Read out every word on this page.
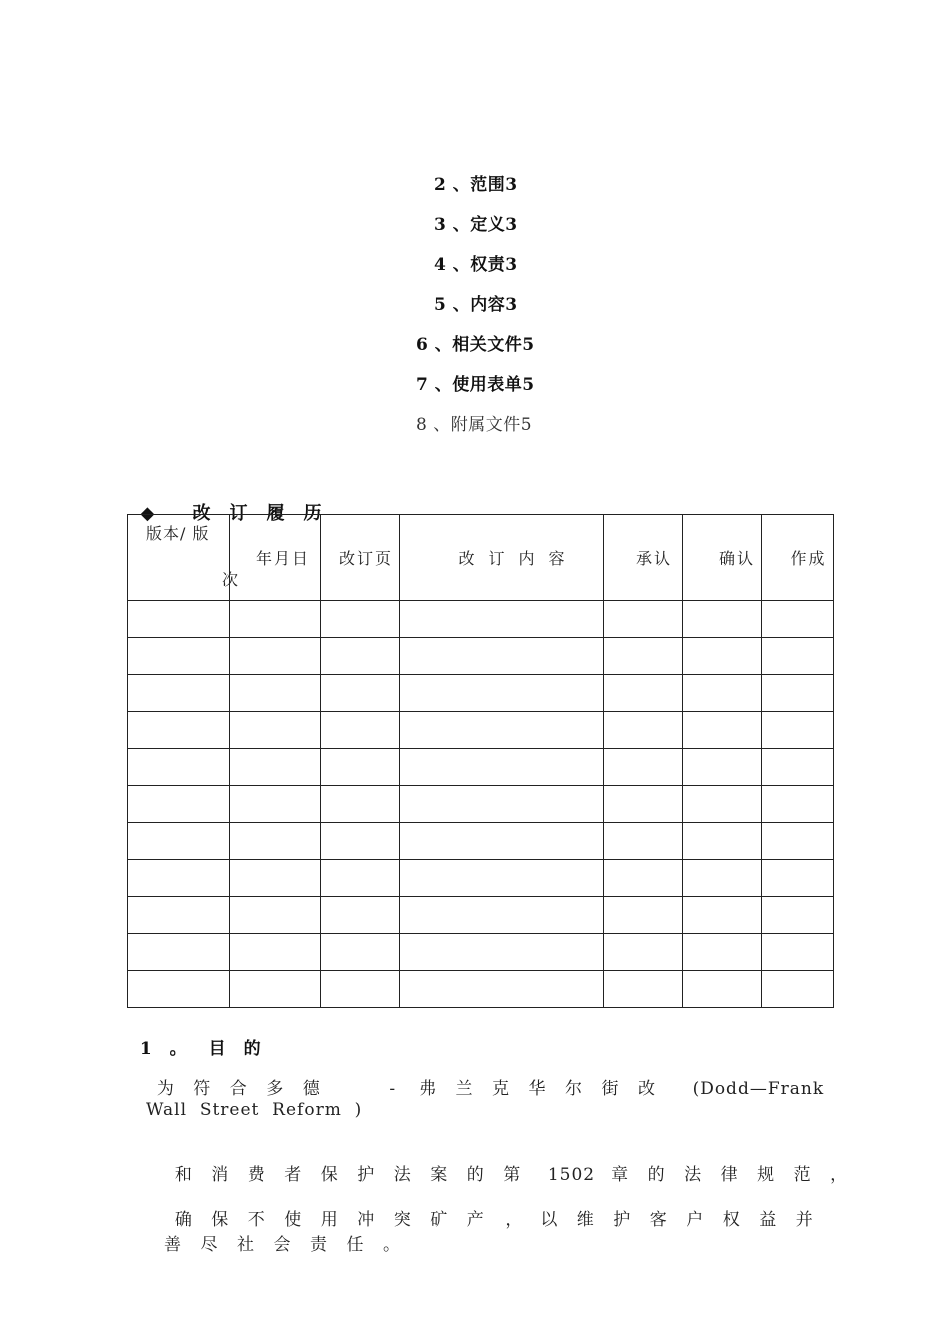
2 、范围3
3 、定义3
4 、权责3
5 、内容3
6 、相关文件5
7 、使用表单5
8 、附属文件5

◆ 改订履历

版本/ 版
次	年月日	改订页	改订内容	承认	确认	作成

1 。 目的

为符合多德	- 弗兰克华尔街改 (Dodd—Frank

Wall  Street  Reform  )

和消费者保护法案的第 1502 章的法律规范，

确保不使用冲突矿产 ， 以维护客户权益并

善尽社会责任。
